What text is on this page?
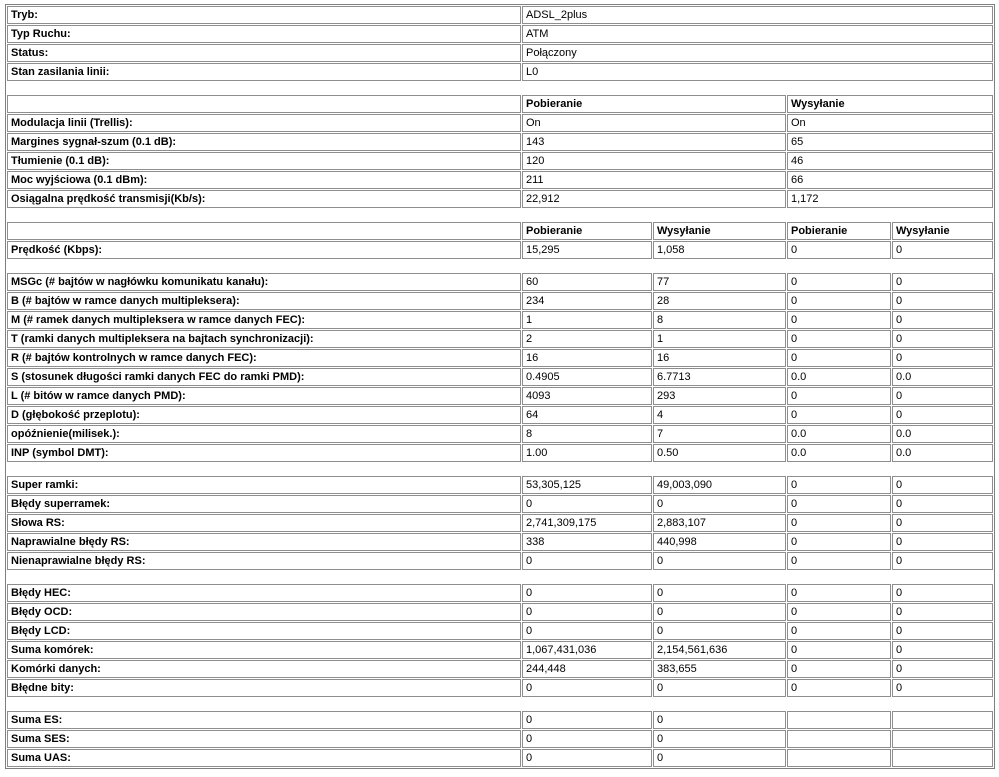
Tryb:	ADSL_2plus			
Typ Ruchu:	ATM			
Status:	Połączony			
Stan zasilania linii:	L0			

	Pobieranie		Wysyłanie	
Modulacja linii (Trellis):	On		On	
Margines sygnał-szum (0.1 dB):	143		65	
Tłumienie (0.1 dB):	120		46	
Moc wyjściowa (0.1 dBm):	211		66	
Osiągalna prędkość transmisji(Kb/s):	22,912		1,172	

	Pobieranie	Wysyłanie	Pobieranie	Wysyłanie
Prędkość (Kbps):	15,295	1,058	0	0

MSGc (# bajtów w nagłówku komunikatu kanału):	60	77	0	0
B (# bajtów w ramce danych multipleksera):	234	28	0	0
M (# ramek danych multipleksera w ramce danych FEC):	1	8	0	0
T (ramki danych multipleksera na bajtach synchronizacji):	2	1	0	0
R (# bajtów kontrolnych w ramce danych FEC):	16	16	0	0
S (stosunek długości ramki danych FEC do ramki PMD):	0.4905	6.7713	0.0	0.0
L (# bitów w ramce danych PMD):	4093	293	0	0
D (głębokość przeplotu):	64	4	0	0
opóźnienie(milisek.):	8	7	0.0	0.0
INP (symbol DMT):	1.00	0.50	0.0	0.0

Super ramki:	53,305,125	49,003,090	0	0
Błędy superramek:	0	0	0	0
Słowa RS:	2,741,309,175	2,883,107	0	0
Naprawialne błędy RS:	338	440,998	0	0
Nienaprawialne błędy RS:	0	0	0	0

Błędy HEC:	0	0	0	0
Błędy OCD:	0	0	0	0
Błędy LCD:	0	0	0	0
Suma komórek:	1,067,431,036	2,154,561,636	0	0
Komórki danych:	244,448	383,655	0	0
Błędne bity:	0	0	0	0

Suma ES:	0	0		
Suma SES:	0	0		
Suma UAS:	0	0		
